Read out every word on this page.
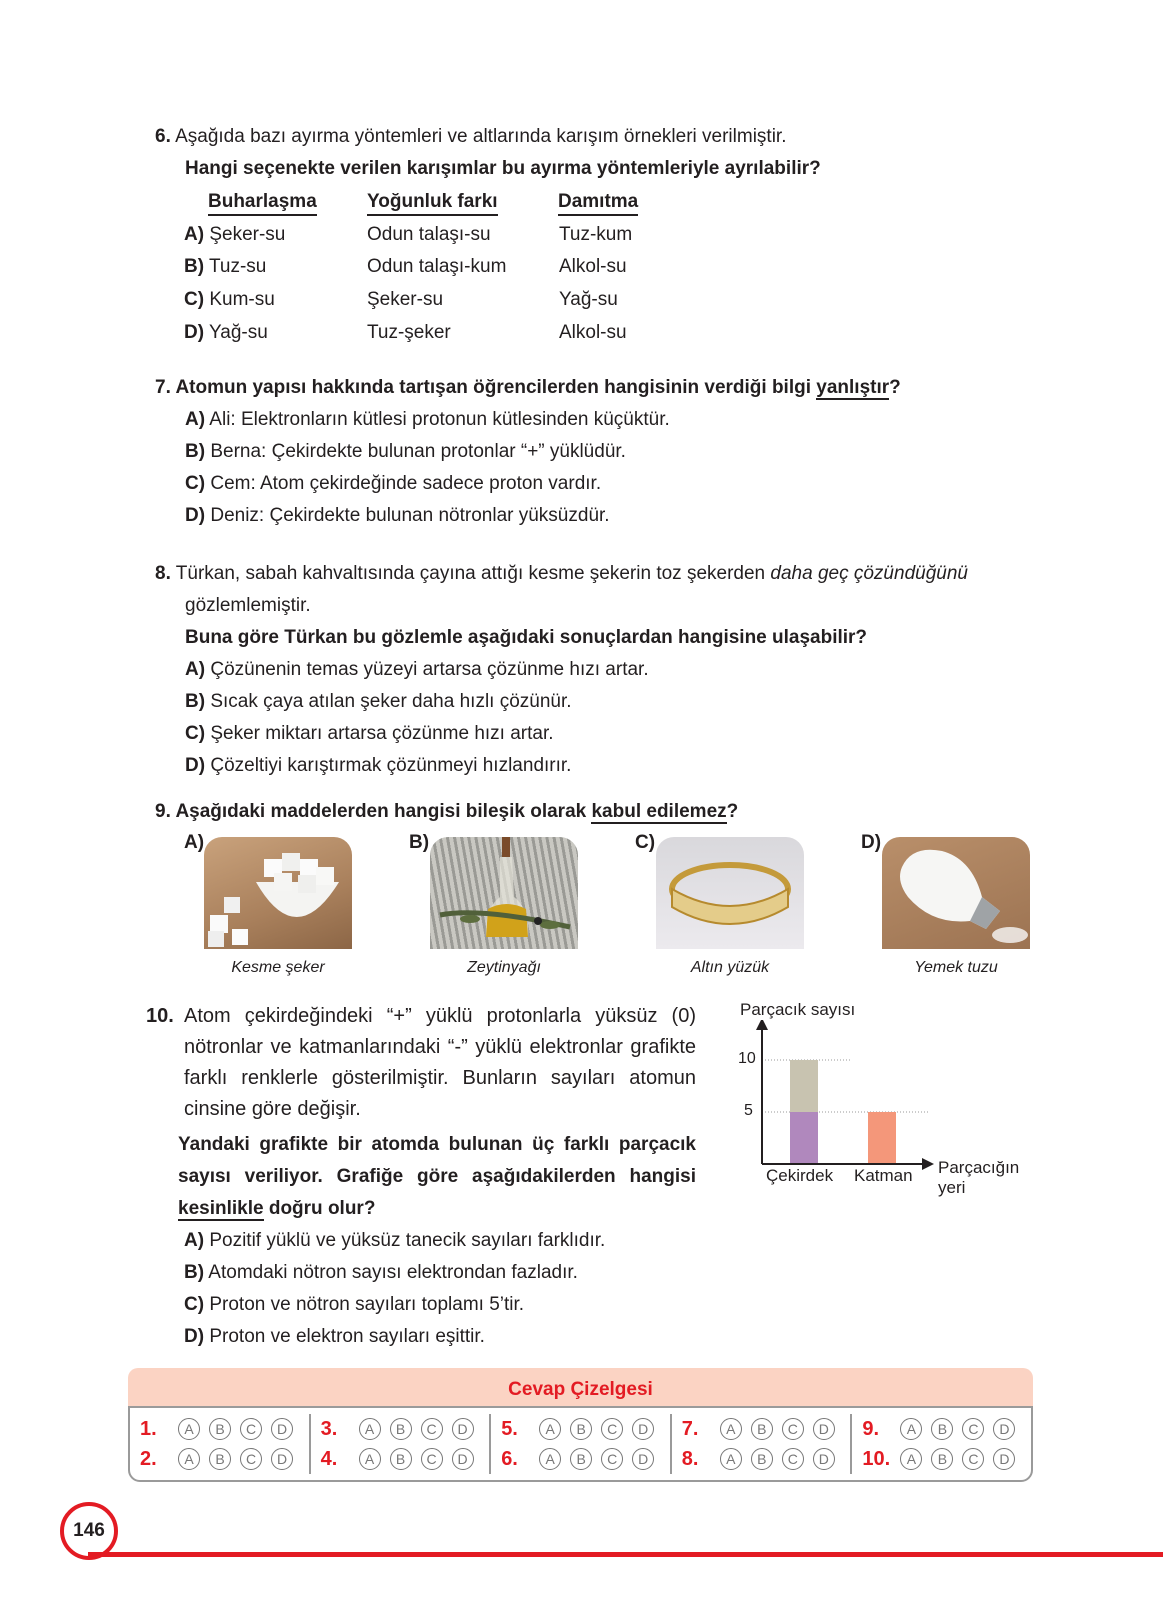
6. Aşağıda bazı ayırma yöntemleri ve altlarında karışım örnekleri verilmiştir.
Hangi seçenekte verilen karışımlar bu ayırma yöntemleriyle ayrılabilir?
Buharlaşma	Yoğunluk farkı	Damıtma
A) Şeker-su	Odun talaşı-su	Tuz-kum
B) Tuz-su	Odun talaşı-kum	Alkol-su
C) Kum-su	Şeker-su	Yağ-su
D) Yağ-su	Tuz-şeker	Alkol-su
7. Atomun yapısı hakkında tartışan öğrencilerden hangisinin verdiği bilgi yanlıştır?
A) Ali: Elektronların kütlesi protonun kütlesinden küçüktür.
B) Berna: Çekirdekte bulunan protonlar “+” yüklüdür.
C) Cem: Atom çekirdeğinde sadece proton vardır.
D) Deniz: Çekirdekte bulunan nötronlar yüksüzdür.
8. Türkan, sabah kahvaltısında çayına attığı kesme şekerin toz şekerden daha geç çözündüğünü
gözlemlemiştir.
Buna göre Türkan bu gözlemle aşağıdaki sonuçlardan hangisine ulaşabilir?
A) Çözünenin temas yüzeyi artarsa çözünme hızı artar.
B) Sıcak çaya atılan şeker daha hızlı çözünür.
C) Şeker miktarı artarsa çözünme hızı artar.
D) Çözeltiyi karıştırmak çözünmeyi hızlandırır.
9. Aşağıdaki maddelerden hangisi bileşik olarak kabul edilemez?
A)
Kesme şeker
B)
Zeytinyağı
C)
Altın yüzük
D)
Yemek tuzu
10. Atom çekirdeğindeki “+” yüklü protonlarla yüksüz (0) nötronlar ve katmanlarındaki “-” yüklü elektronlar grafikte farklı renklerle gösterilmiştir. Bunların sayıları atomun cinsine göre değişir.
Yandaki grafikte bir atomda bulunan üç farklı parçacık sayısı veriliyor. Grafiğe göre aşağıdakilerden hangisi kesinlikle doğru olur?
A) Pozitif yüklü ve yüksüz tanecik sayıları farklıdır.
B) Atomdaki nötron sayısı elektrondan fazladır.
C) Proton ve nötron sayıları toplamı 5’tir.
D) Proton ve elektron sayıları eşittir.
Parçacık sayısı
10
5
Çekirdek Katman Parçacığın yeri
Cevap Çizelgesi
1.	A	B	C	D
2.	A	B	C	D
3.	A	B	C	D
4.	A	B	C	D
5.	A	B	C	D
6.	A	B	C	D
7.	A	B	C	D
8.	A	B	C	D
9.	A	B	C	D
10.	A	B	C	D
146
